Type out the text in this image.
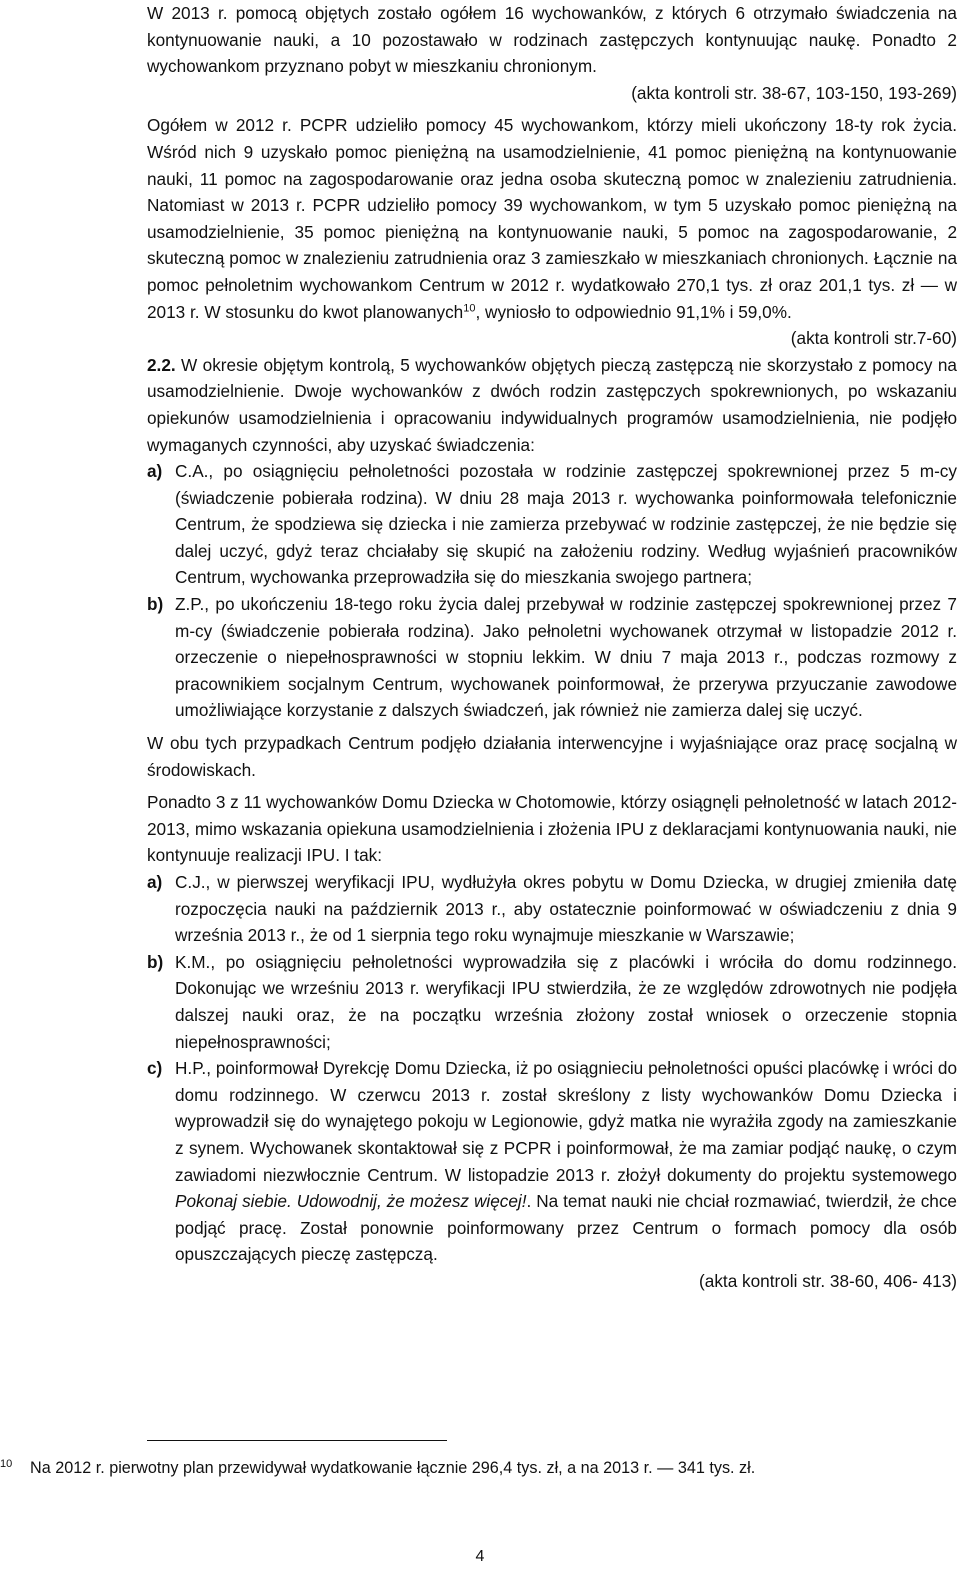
W 2013 r. pomocą objętych zostało ogółem 16 wychowanków, z których 6 otrzymało świadczenia na kontynuowanie nauki, a 10 pozostawało w rodzinach zastępczych kontynuując naukę. Ponadto 2 wychowankom przyznano pobyt w mieszkaniu chronionym.

(akta kontroli str. 38-67, 103-150, 193-269)

Ogółem w 2012 r. PCPR udzieliło pomocy 45 wychowankom, którzy mieli ukończony 18-ty rok życia. Wśród nich 9 uzyskało pomoc pieniężną na usamodzielnienie, 41 pomoc pieniężną na kontynuowanie nauki, 11 pomoc na zagospodarowanie oraz jedna osoba skuteczną pomoc w znalezieniu zatrudnienia. Natomiast w 2013 r. PCPR udzieliło pomocy 39 wychowankom, w tym 5 uzyskało pomoc pieniężną na usamodzielnienie, 35 pomoc pieniężną na kontynuowanie nauki, 5 pomoc na zagospodarowanie, 2 skuteczną pomoc w znalezieniu zatrudnienia oraz 3 zamieszkało w mieszkaniach chronionych. Łącznie na pomoc pełnoletnim wychowankom Centrum w 2012 r. wydatkowało 270,1 tys. zł oraz 201,1 tys. zł — w 2013 r. W stosunku do kwot planowanych$^{10}$, wyniosło to odpowiednio 91,1% i 59,0%.

(akta kontroli str.7-60)

2.2. W okresie objętym kontrolą, 5 wychowanków objętych pieczą zastępczą nie skorzystało z pomocy na usamodzielnienie. Dwoje wychowanków z dwóch rodzin zastępczych spokrewnionych, po wskazaniu opiekunów usamodzielnienia i opracowaniu indywidualnych programów usamodzielnienia, nie podjęło wymaganych czynności, aby uzyskać świadczenia:

a) C.A., po osiągnięciu pełnoletności pozostała w rodzinie zastępczej spokrewnionej przez 5 m-cy (świadczenie pobierała rodzina). W dniu 28 maja 2013 r. wychowanka poinformowała telefonicznie Centrum, że spodziewa się dziecka i nie zamierza przebywać w rodzinie zastępczej, że nie będzie się dalej uczyć, gdyż teraz chciałaby się skupić na założeniu rodziny. Według wyjaśnień pracowników Centrum, wychowanka przeprowadziła się do mieszkania swojego partnera;
b) Z.P., po ukończeniu 18-tego roku życia dalej przebywał w rodzinie zastępczej spokrewnionej przez 7 m-cy (świadczenie pobierała rodzina). Jako pełnoletni wychowanek otrzymał w listopadzie 2012 r. orzeczenie o niepełnosprawności w stopniu lekkim. W dniu 7 maja 2013 r., podczas rozmowy z pracownikiem socjalnym Centrum, wychowanek poinformował, że przerywa przyuczanie zawodowe umożliwiające korzystanie z dalszych świadczeń, jak również nie zamierza dalej się uczyć.

W obu tych przypadkach Centrum podjęło działania interwencyjne i wyjaśniające oraz pracę socjalną w środowiskach.

Ponadto 3 z 11 wychowanków Domu Dziecka w Chotomowie, którzy osiągnęli pełnoletność w latach 2012-2013, mimo wskazania opiekuna usamodzielnienia i złożenia IPU z deklaracjami kontynuowania nauki, nie kontynuuje realizacji IPU. I tak:

a) C.J., w pierwszej weryfikacji IPU, wydłużyła okres pobytu w Domu Dziecka, w drugiej zmieniła datę rozpoczęcia nauki na październik 2013 r., aby ostatecznie poinformować w oświadczeniu z dnia 9 września 2013 r., że od 1 sierpnia tego roku wynajmuje mieszkanie w Warszawie;
b) K.M., po osiągnięciu pełnoletności wyprowadziła się z placówki i wróciła do domu rodzinnego. Dokonując we wrześniu 2013 r. weryfikacji IPU stwierdziła, że ze względów zdrowotnych nie podjęła dalszej nauki oraz, że na początku września złożony został wniosek o orzeczenie stopnia niepełnosprawności;
c) H.P., poinformował Dyrekcję Domu Dziecka, iż po osiągnieciu pełnoletności opuści placówkę i wróci do domu rodzinnego. W czerwcu 2013 r. został skreślony z listy wychowanków Domu Dziecka i wyprowadził się do wynajętego pokoju w Legionowie, gdyż matka nie wyrażiła zgody na zamieszkanie z synem. Wychowanek skontaktował się z PCPR i poinformował, że ma zamiar podjąć naukę, o czym zawiadomi niezwłocznie Centrum. W listopadzie 2013 r. złożył dokumenty do projektu systemowego Pokonaj siebie. Udowodnij, że możesz więcej!. Na temat nauki nie chciał rozmawiać, twierdził, że chce podjąć pracę. Został ponownie poinformowany przez Centrum o formach pomocy dla osób opuszczających pieczę zastępczą.

(akta kontroli str. 38-60, 406- 413)

10 Na 2012 r. pierwotny plan przewidywał wydatkowanie łącznie 296,4 tys. zł, a na 2013 r. — 341 tys. zł.
4
